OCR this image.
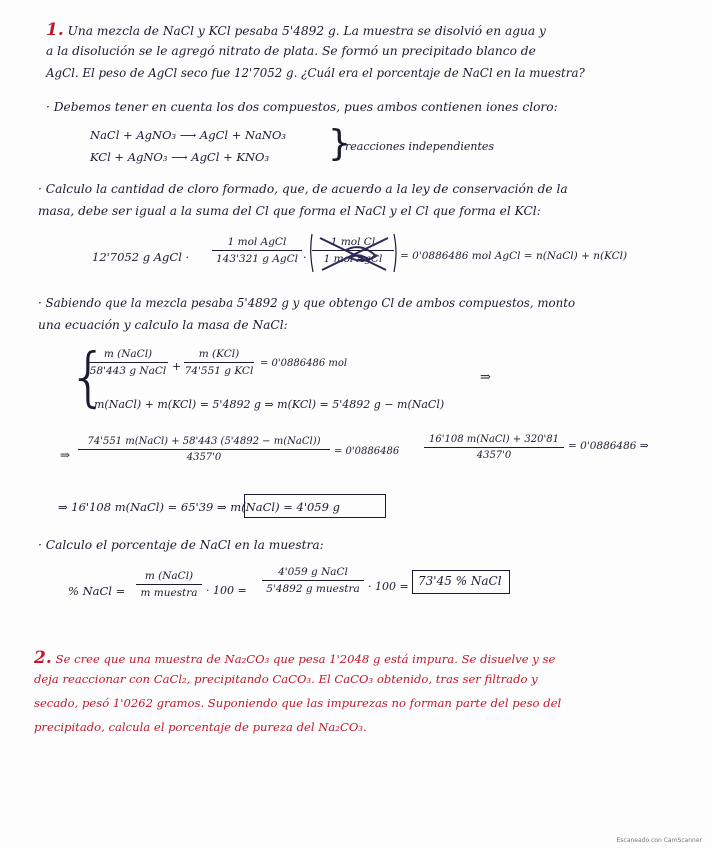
1. Una mezcla de NaCl y KCl pesaba 5'4892 g. La muestra se disolvió en agua y
a la disolución se le agregó nitrato de plata. Se formó un precipitado blanco de
AgCl. El peso de AgCl seco fue 12'7052 g. ¿Cuál era el porcentaje de NaCl en la muestra?
· Debemos tener en cuenta los dos compuestos, pues ambos contienen iones cloro:
NaCl + AgNO₃ ⟶ AgCl + NaNO₃
KCl + AgNO₃ ⟶ AgCl + KNO₃ }
reacciones independientes
· Calculo la cantidad de cloro formado, que, de acuerdo a la ley de conservación de la
masa, debe ser igual a la suma del Cl que forma el NaCl y el Cl que forma el KCl:
12'7052 g AgCl ·
1 mol AgCl
143'321 g AgCl ·
1 mol Cl
1 mol AgCl	= 0'0886486 mol AgCl = n(NaCl) + n(KCl)
· Sabiendo que la mezcla pesaba 5'4892 g y que obtengo Cl de ambos compuestos, monto
una ecuación y calculo la masa de NaCl:
{
m (NaCl)
58'443 g NaCl +
m (KCl)
74'551 g KCl
= 0'0886486 mol
⇒
m(NaCl) + m(KCl) = 5'4892 g ⇒ m(KCl) = 5'4892 g − m(NaCl)
⇒
74'551 m(NaCl) + 58'443 (5'4892 − m(NaCl))
4357'0
= 0'0886486
16'108 m(NaCl) + 320'81
4357'0
= 0'0886486 ⇒
⇒ 16'108 m(NaCl) = 65'39 ⇒ m(NaCl) = 4'059 g
· Calculo el porcentaje de NaCl en la muestra:
% NaCl =
m (NaCl)
m muestra · 100 =
4'059 g NaCl
5'4892 g muestra · 100 = 73'45 % NaCl
2. Se cree que una muestra de Na₂CO₃ que pesa 1'2048 g está impura. Se disuelve y se
deja reaccionar con CaCl₂, precipitando CaCO₃. El CaCO₃ obtenido, tras ser filtrado y
secado, pesó 1'0262 gramos. Suponiendo que las impurezas no forman parte del peso del
precipitado, calcula el porcentaje de pureza del Na₂CO₃.
Escaneado con CamScanner
